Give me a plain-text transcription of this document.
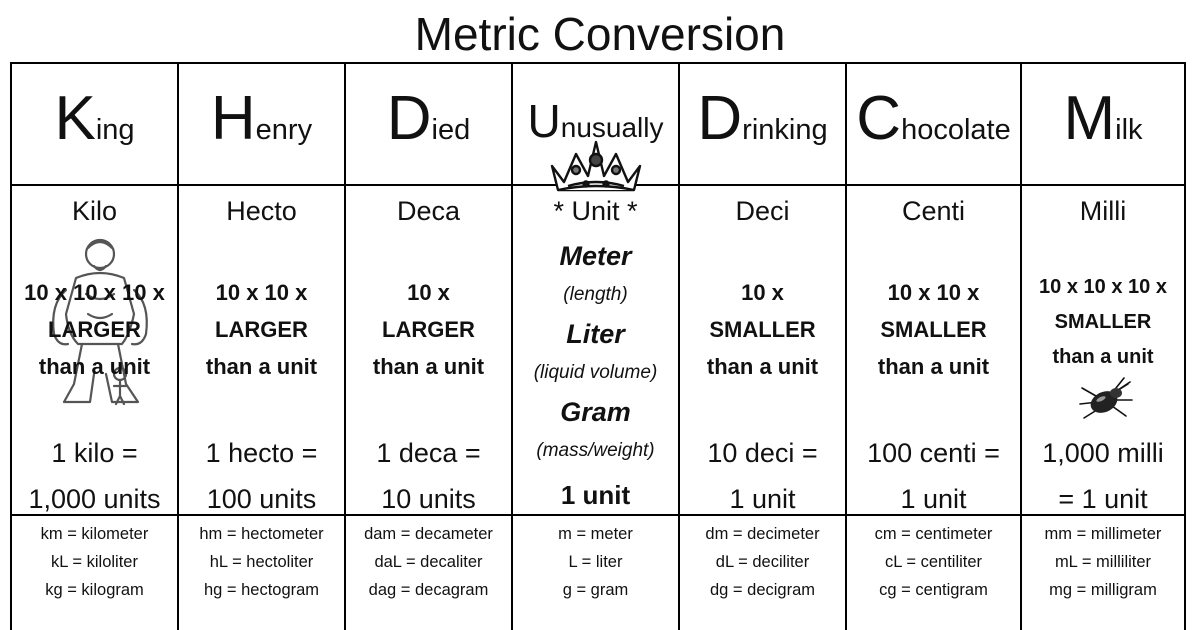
Metric Conversion
King
Kilo
10 x 10 x 10 x
LARGER
than a unit
1 kilo =
1,000 units
km = kilometer
kL = kiloliter
kg = kilogram
Henry
Hecto
10 x 10 x
LARGER
than a unit
1 hecto =
100 units
hm = hectometer
hL = hectoliter
hg = hectogram
Died
Deca
10 x
LARGER
than a unit
1 deca =
10 units
dam = decameter
daL = decaliter
dag = decagram
Unusually
* Unit *
Meter
(length)
Liter
(liquid volume)
Gram
(mass/weight)
1 unit
m = meter
L = liter
g = gram
Drinking
Deci
10 x
SMALLER
than a unit
10 deci =
1 unit
dm = decimeter
dL = deciliter
dg = decigram
Chocolate
Centi
10 x 10 x
SMALLER
than a unit
100 centi =
1 unit
cm = centimeter
cL = centiliter
cg = centigram
Milk
Milli
10 x 10 x 10 x
SMALLER
than a unit
1,000 milli
= 1 unit
mm = millimeter
mL = milliliter
mg = milligram
